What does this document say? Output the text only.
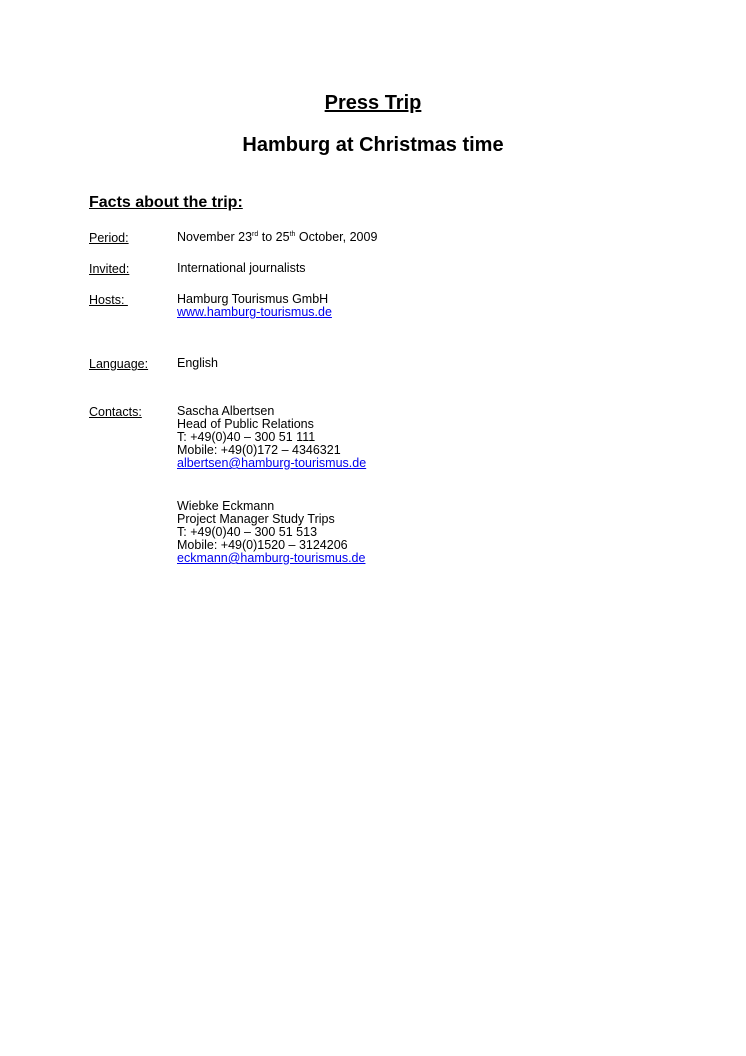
Press Trip
Hamburg at Christmas time
Facts about the trip:
Period:	November 23rd to 25th October, 2009
Invited:	International journalists
Hosts:	Hamburg Tourismus GmbH
www.hamburg-tourismus.de
Language: English
Contacts:	Sascha Albertsen
Head of Public Relations
T: +49(0)40 – 300 51 111
Mobile: +49(0)172 – 4346321
albertsen@hamburg-tourismus.de
Wiebke Eckmann
Project Manager Study Trips
T: +49(0)40 – 300 51 513
Mobile: +49(0)1520 – 3124206
eckmann@hamburg-tourismus.de
